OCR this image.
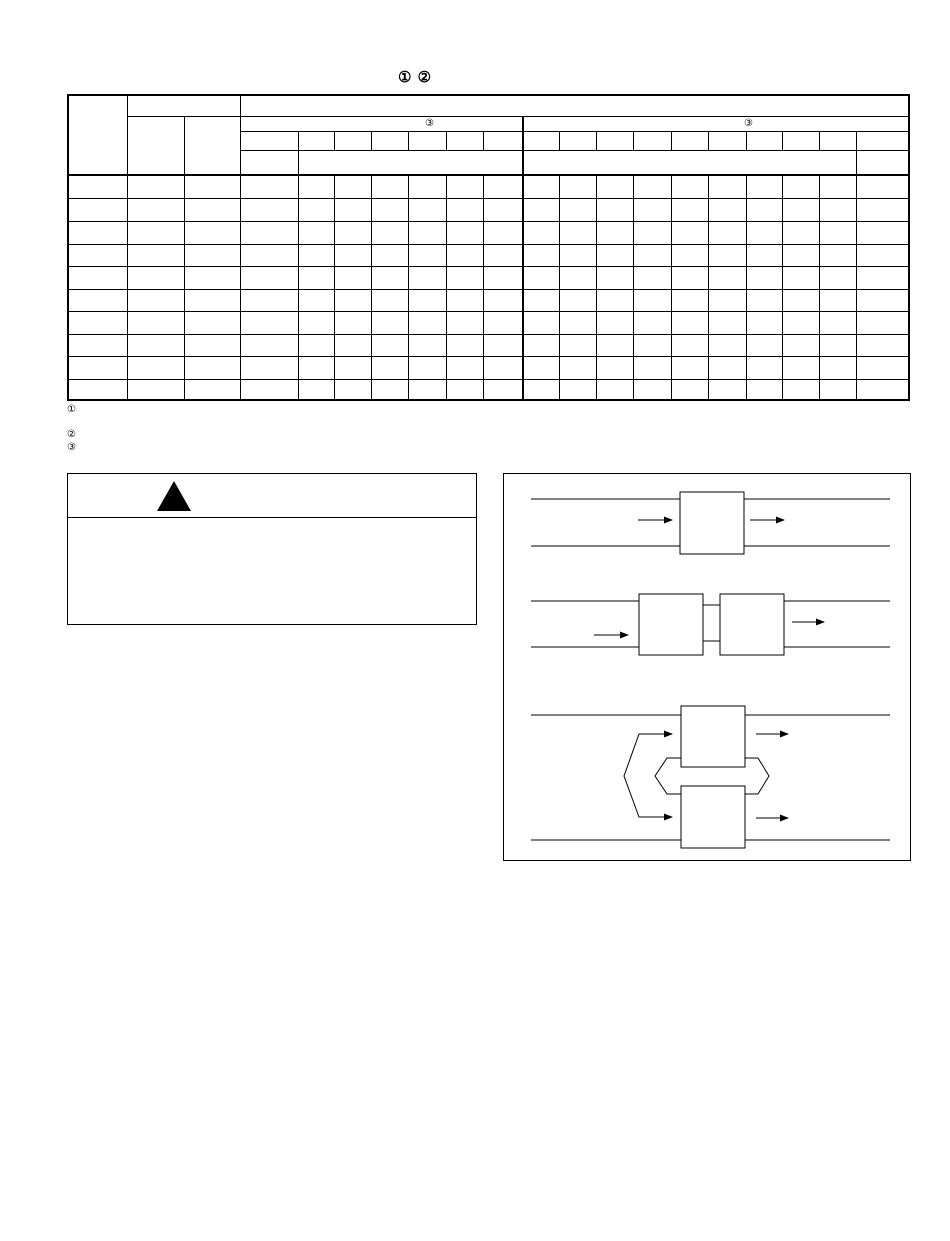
① ②
③	③
①
②
③
